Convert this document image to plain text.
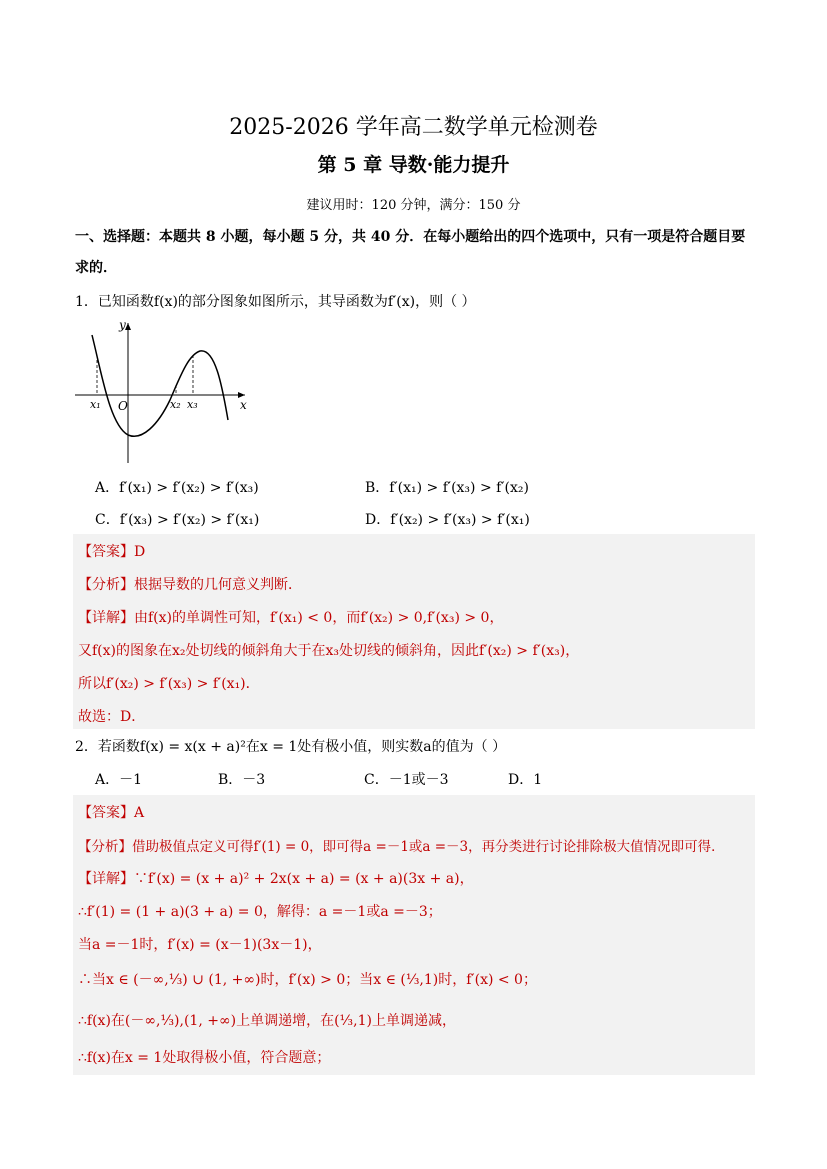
2025-2026 学年高二数学单元检测卷
第 5 章 导数·能力提升
建议用时：120 分钟，满分：150 分
一、选择题：本题共 8 小题，每小题 5 分，共 40 分．在每小题给出的四个选项中，只有一项是符合题目要
求的．
1．已知函数f(x)的部分图象如图所示，其导函数为f′(x)，则（ ）
y
x
O
x₁	x₂ x₃
A．f′(x₁) > f′(x₂) > f′(x₃)	B．f′(x₁) > f′(x₃) > f′(x₂)
C．f′(x₃) > f′(x₂) > f′(x₁)	D．f′(x₂) > f′(x₃) > f′(x₁)
【答案】D
【分析】根据导数的几何意义判断．
【详解】由f(x)的单调性可知，f′(x₁) < 0，而f′(x₂) > 0,f′(x₃) > 0，
又f(x)的图象在x₂处切线的倾斜角大于在x₃处切线的倾斜角，因此f′(x₂) > f′(x₃)，
所以f′(x₂) > f′(x₃) > f′(x₁)．
故选：D．
2．若函数f(x) = x(x + a)²在x = 1处有极小值，则实数a的值为（ ）
A．－1	B．－3	C．－1或－3	D．1
【答案】A
【分析】借助极值点定义可得f′(1) = 0，即可得a =－1或a =－3，再分类进行讨论排除极大值情况即可得．
【详解】∵f′(x) = (x + a)² + 2x(x + a) = (x + a)(3x + a)，
∴f′(1) = (1 + a)(3 + a) = 0，解得：a =－1或a =－3；
当a =－1时，f′(x) = (x－1)(3x－1)，
∴当x ∈ (－∞,⅓) ∪ (1, +∞)时，f′(x) > 0；当x ∈ (⅓,1)时，f′(x) < 0；
∴f(x)在(－∞,⅓),(1, +∞)上单调递增，在(⅓,1)上单调递减，
∴f(x)在x = 1处取得极小值，符合题意；
